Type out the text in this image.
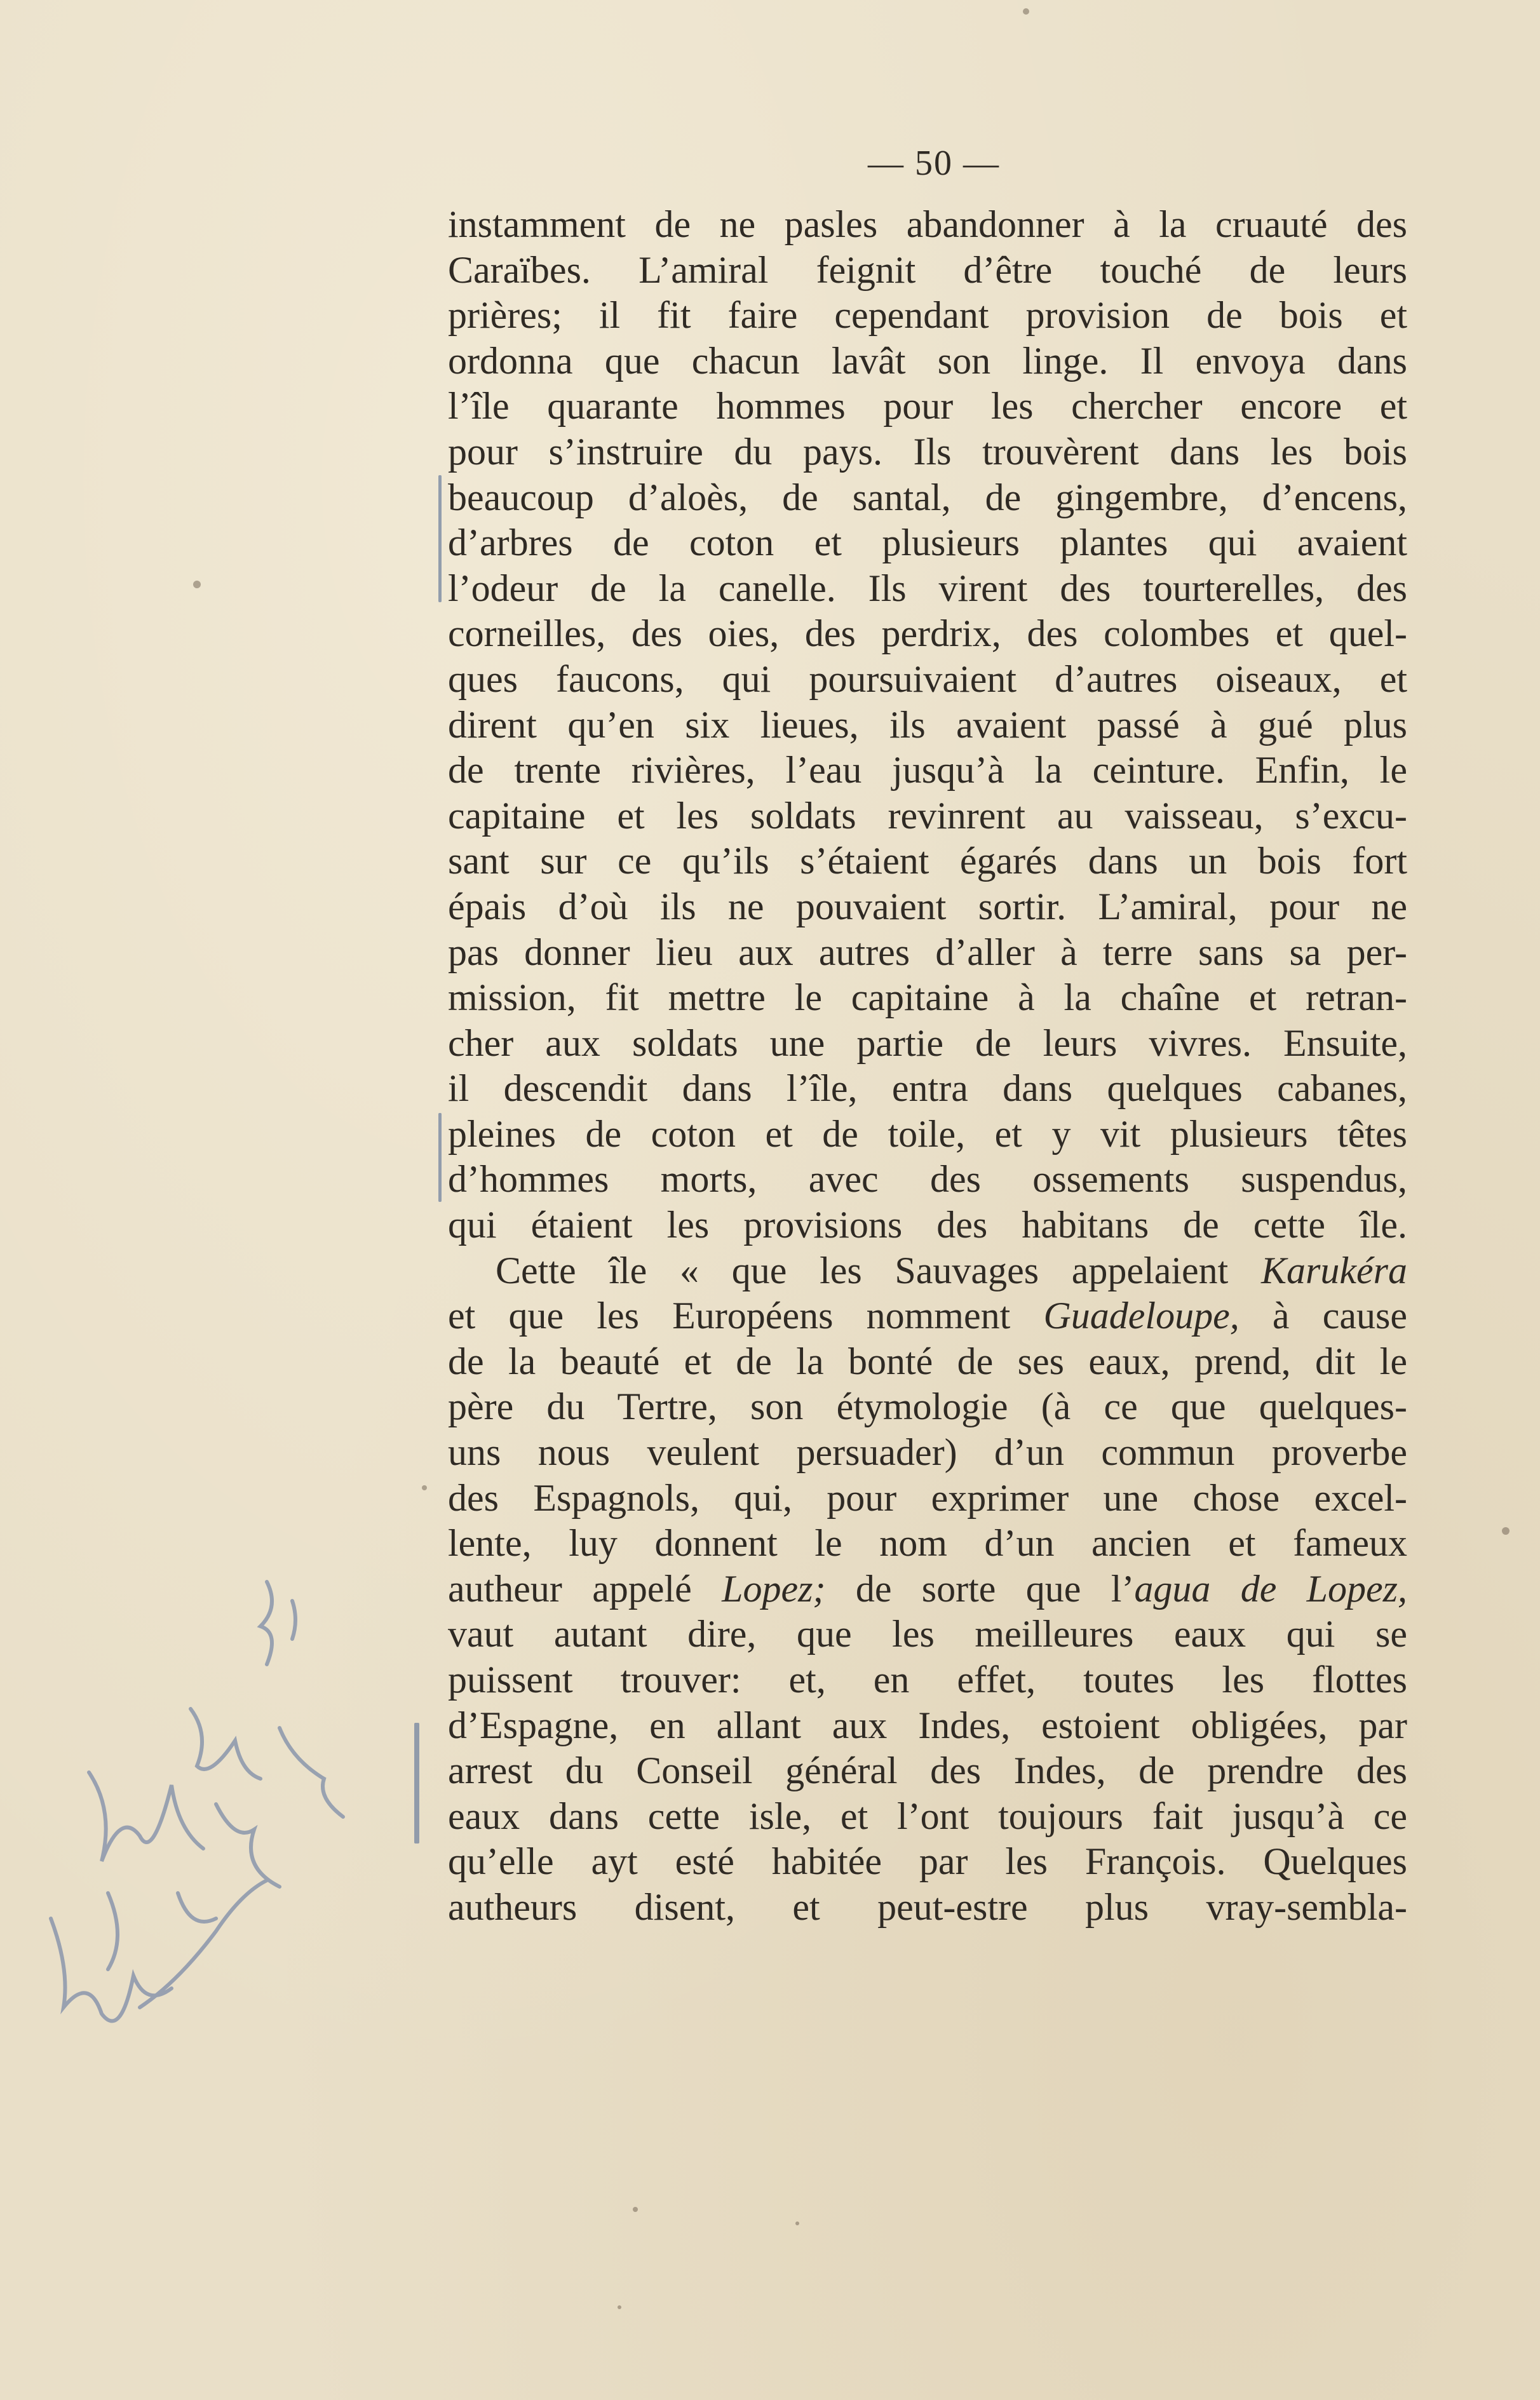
— 50 —
instamment de ne pasles abandonner à la cruauté des
Caraïbes. L’amiral feignit d’être touché de leurs
prières; il fit faire cependant provision de bois et
ordonna que chacun lavât son linge. Il envoya dans
l’île quarante hommes pour les chercher encore et
pour s’instruire du pays. Ils trouvèrent dans les bois
beaucoup d’aloès, de santal, de gingembre, d’encens,
d’arbres de coton et plusieurs plantes qui avaient
l’odeur de la canelle. Ils virent des tourterelles, des
corneilles, des oies, des perdrix, des colombes et quel-
ques faucons, qui poursuivaient d’autres oiseaux, et
dirent qu’en six lieues, ils avaient passé à gué plus
de trente rivières, l’eau jusqu’à la ceinture. Enfin, le
capitaine et les soldats revinrent au vaisseau, s’excu-
sant sur ce qu’ils s’étaient égarés dans un bois fort
épais d’où ils ne pouvaient sortir. L’amiral, pour ne
pas donner lieu aux autres d’aller à terre sans sa per-
mission, fit mettre le capitaine à la chaîne et retran-
cher aux soldats une partie de leurs vivres. Ensuite,
il descendit dans l’île, entra dans quelques cabanes,
pleines de coton et de toile, et y vit plusieurs têtes
d’hommes morts, avec des ossements suspendus,
qui étaient les provisions des habitans de cette île.
Cette île « que les Sauvages appelaient Karukéra
et que les Européens nomment Guadeloupe, à cause
de la beauté et de la bonté de ses eaux, prend, dit le
père du Tertre, son étymologie (à ce que quelques-
uns nous veulent persuader) d’un commun proverbe
des Espagnols, qui, pour exprimer une chose excel-
lente, luy donnent le nom d’un ancien et fameux
autheur appelé Lopez; de sorte que l’agua de Lopez,
vaut autant dire, que les meilleures eaux qui se
puissent trouver: et, en effet, toutes les flottes
d’Espagne, en allant aux Indes, estoient obligées, par
arrest du Conseil général des Indes, de prendre des
eaux dans cette isle, et l’ont toujours fait jusqu’à ce
qu’elle ayt esté habitée par les François. Quelques
autheurs disent, et peut-estre plus vray-sembla-
